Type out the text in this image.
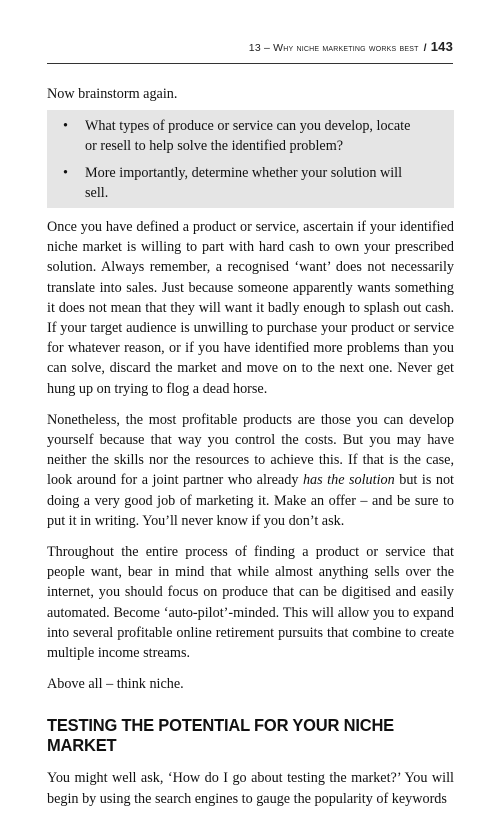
13 – Why niche marketing works best / 143

Now brainstorm again.

• What types of produce or service can you develop, locate or resell to help solve the identified problem?
• More importantly, determine whether your solution will sell.

Once you have defined a product or service, ascertain if your identified niche market is willing to part with hard cash to own your prescribed solution. Always remember, a recognised ‘want’ does not necessarily translate into sales. Just because someone apparently wants something it does not mean that they will want it badly enough to splash out cash. If your target audience is unwilling to purchase your product or service for whatever reason, or if you have identified more problems than you can solve, discard the market and move on to the next one. Never get hung up on trying to flog a dead horse.

Nonetheless, the most profitable products are those you can develop yourself because that way you control the costs. But you may have neither the skills nor the resources to achieve this. If that is the case, look around for a joint partner who already has the solution but is not doing a very good job of marketing it. Make an offer – and be sure to put it in writing. You’ll never know if you don’t ask.

Throughout the entire process of finding a product or service that people want, bear in mind that while almost anything sells over the internet, you should focus on produce that can be digitised and easily automated. Become ‘auto-pilot’-minded. This will allow you to expand into several profitable online retirement pursuits that combine to create multiple income streams.

Above all – think niche.

TESTING THE POTENTIAL FOR YOUR NICHE MARKET

You might well ask, ‘How do I go about testing the market?’ You will begin by using the search engines to gauge the popularity of keywords
